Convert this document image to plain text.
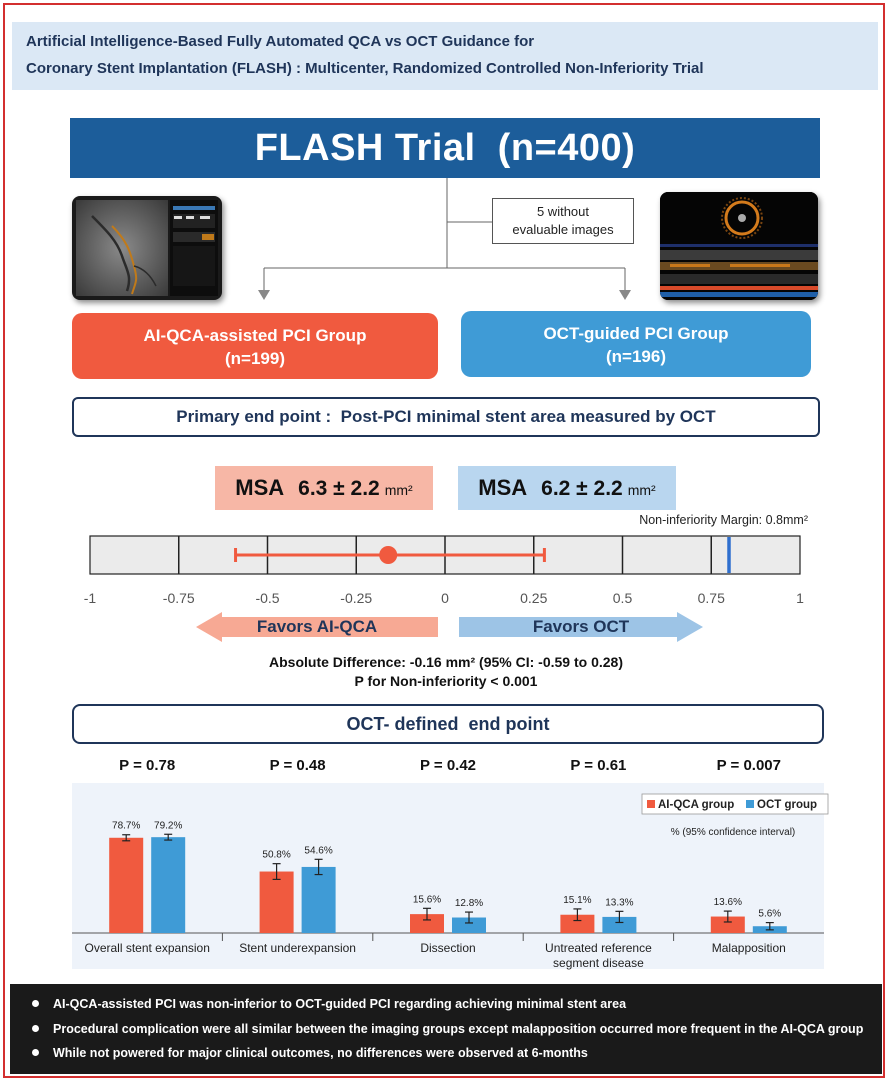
Artificial Intelligence-Based Fully Automated QCA vs OCT Guidance for
Coronary Stent Implantation (FLASH) : Multicenter, Randomized Controlled Non-Inferiority Trial
FLASH Trial  (n=400)
5 without
evaluable images
AI-QCA-assisted PCI Group
(n=199)
OCT-guided PCI Group
(n=196)
Primary end point :  Post-PCI minimal stent area measured by OCT
MSA 6.3 ± 2.2 mm²	MSA 6.2 ± 2.2 mm²
Non-inferiority Margin: 0.8mm²
-1	-0.75	-0.5	-0.25	0	0.25	0.5	0.75	1
Favors AI-QCA	Favors OCT
Absolute Difference: -0.16 mm² (95% CI: -0.59 to 0.28)
P for Non-inferiority < 0.001
OCT- defined  end point
P = 0.78	P = 0.48	P = 0.42	P = 0.61	P = 0.007
78.7% 79.2%
Overall stent expansion
50.8% 54.6%
Stent underexpansion
15.6% 12.8%
Dissection
15.1% 13.3%
Untreated reference
segment disease
13.6%
5.6%
Malapposition
AI-QCA group OCT group
% (95% confidence interval)
AI-QCA-assisted PCI was non-inferior to OCT-guided PCI regarding achieving minimal stent area
Procedural complication were all similar between the imaging groups except malapposition occurred more frequent in the AI-QCA group
While not powered for major clinical outcomes, no differences were observed at 6-months
